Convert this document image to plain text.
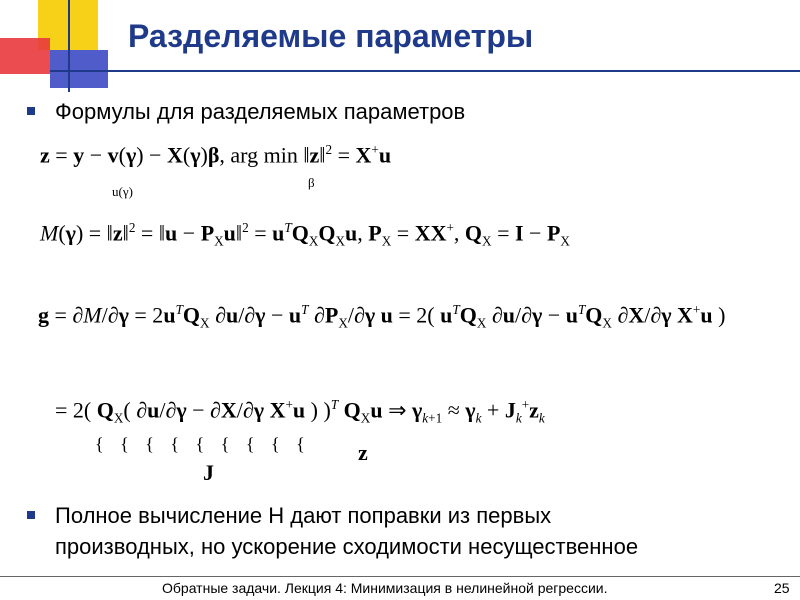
Разделяемые параметры
Формулы для разделяемых параметров
z = y − v(γ) − X(γ)β, arg min ‖z‖$^2$ = X+u
u(γ)
β
M(γ) = ‖z‖$^2$ = ‖u − $P_Xu‖^2 = u^TQ_XQ_Xu$, $P_X = XX^+$, $Q_X = I - P_X$
$g = \partial M/\partial\gamma = 2u^TQ_X$ $\partial u/\partial\gamma - u^T$ $\partial P_X/\partial\gamma$ u = 2( $u^TQ_X$ $\partial u/\partial\gamma - u^TQ_X$ ∂X/∂γ X+u )
= 2( $Q_X$( ∂u/∂γ − ∂X/∂γ X+u ) )$^T$ $Q_Xu$ ⇒ $\gamma_{k+1} \approx \gamma_k + J_k^+z_k$
{ { { { { { { { {
J
z
Полное вычисление H дают поправки из первых
производных, но ускорение сходимости несущественное
Обратные задачи. Лекция 4: Минимизация в нелинейной регрессии.	25
